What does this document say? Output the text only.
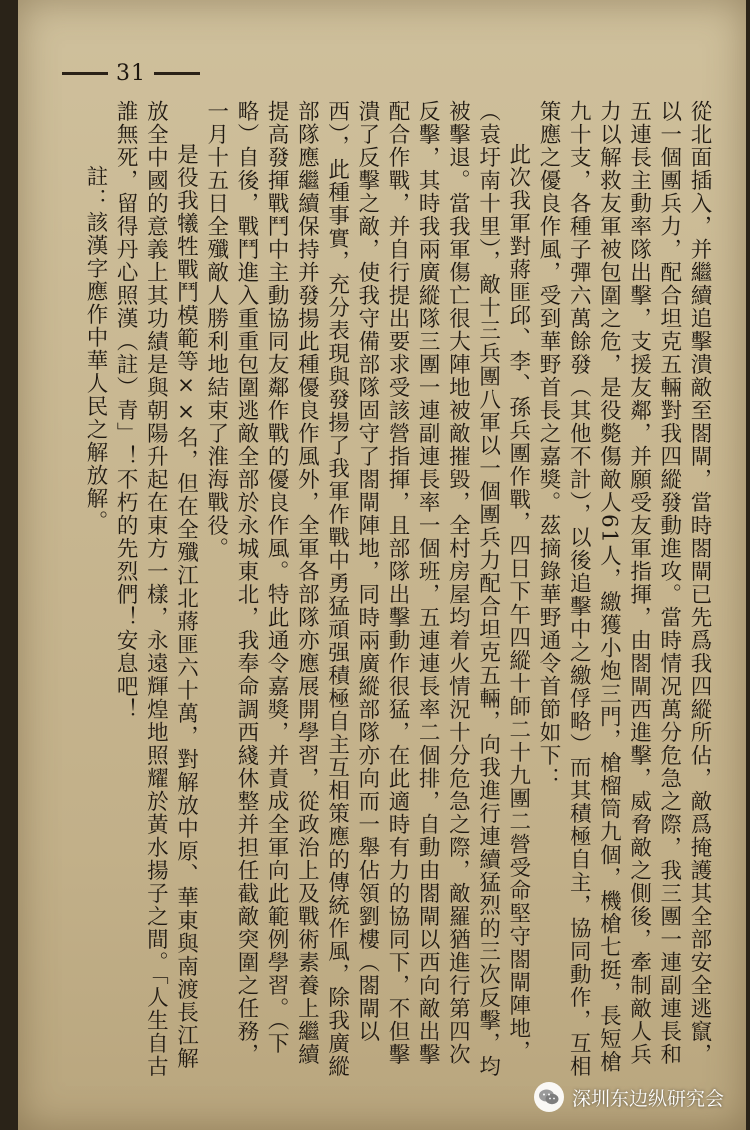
31

從北面插入，并繼續追擊潰敵至閤閘，當時閤閘已先爲我四縱所佔，敵爲掩護其全部安全逃竄，以一個團兵力，配合坦克五輛對我四縱發動進攻。當時情况萬分危急之際，我三團一連副連長和五連長主動率隊出擊，支援友鄰，并願受友軍指揮，由閤閘西進擊，威脅敵之側後，牽制敵人兵力以解救友軍被包圍之危，是役斃傷敵人61人，繳獲小炮三門，槍榴筒九個，機槍七挺，長短槍九十支，各種子彈六萬餘發（其他不計），以後追擊中之繳俘略）而其積極自主，協同動作，互相策應之優良作風，受到華野首長之嘉獎。茲摘錄華野通令首節如下：

此次我軍對蔣匪邱、李、孫兵團作戰，四日下午四縱十師二十九團二營受命堅守閤閘陣地，（袁圩南十里），敵十三兵團八軍以一個團兵力配合坦克五輛，向我進行連續猛烈的三次反擊，均被擊退。當我軍傷亡很大陣地被敵摧毀，全村房屋均着火情況十分危急之際，敵羅猶進行第四次反擊，其時我兩廣縱隊三團一連副連長率一個班，五連連長率二個排，自動由閤閘以西向敵出擊配合作戰，并自行提出要求受該營指揮，且部隊出擊動作很猛，在此適時有力的協同下，不但擊潰了反擊之敵，使我守備部隊固守了閤閘陣地，同時兩廣縱部隊亦向而一舉佔領劉樓（閤閘以西），此種事實，充分表現與發揚了我軍作戰中勇猛頑强積極自主互相策應的傳統作風，除我廣縱部隊應繼續保持并發揚此種優良作風外，全軍各部隊亦應展開學習，從政治上及戰術素養上繼續提高發揮戰鬥中主動協同友鄰作戰的優良作風。特此通令嘉獎，并責成全軍向此範例學習。（下略）自後，戰鬥進入重重包圍逃敵全部於永城東北，我奉命調西綫休整并担任截敵突圍之任務，一月十五日全殲敵人勝利地結束了淮海戰役。

是役我犧牲戰鬥模範等××名，但在全殲江北蔣匪六十萬，對解放中原、華東與南渡長江解放全中國的意義上其功績是與朝陽升起在東方一樣，永遠輝煌地照耀於黃水揚子之間。「人生自古誰無死，留得丹心照漢（註）青」！不朽的先烈們！安息吧！

註：該漢字應作中華人民之解放解。

深圳东边纵研究会
